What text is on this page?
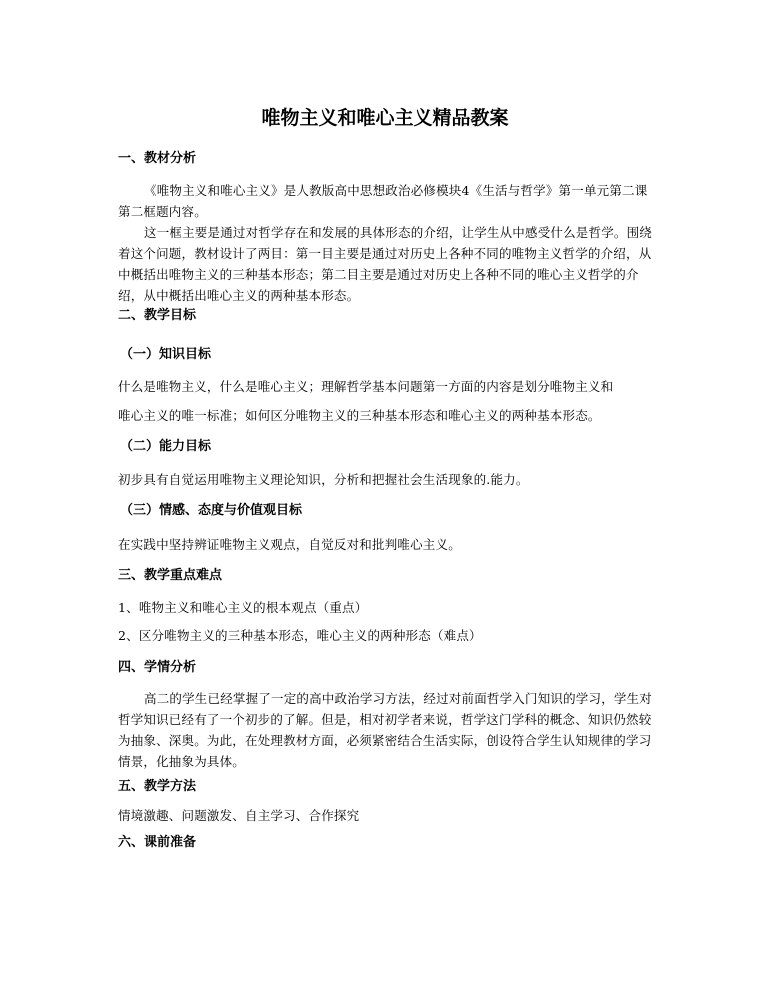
唯物主义和唯心主义精品教案
一、教材分析

《唯物主义和唯心主义》是人教版高中思想政治必修模块4《生活与哲学》第一单元第二课第二框题内容。

这一框主要是通过对哲学存在和发展的具体形态的介绍，让学生从中感受什么是哲学。围绕着这个问题，教材设计了两目：第一目主要是通过对历史上各种不同的唯物主义哲学的介绍，从中概括出唯物主义的三种基本形态；第二目主要是通过对历史上各种不同的唯心主义哲学的介绍，从中概括出唯心主义的两种基本形态。

二、教学目标
（一）知识目标
什么是唯物主义，什么是唯心主义；理解哲学基本问题第一方面的内容是划分唯物主义和
唯心主义的唯一标准；如何区分唯物主义的三种基本形态和唯心主义的两种基本形态。
（二）能力目标
初步具有自觉运用唯物主义理论知识，分析和把握社会生活现象的.能力。
（三）情感、态度与价值观目标
在实践中坚持辨证唯物主义观点，自觉反对和批判唯心主义。
三、教学重点难点
1、唯物主义和唯心主义的根本观点（重点）
2、区分唯物主义的三种基本形态，唯心主义的两种形态（难点）
四、学情分析

高二的学生已经掌握了一定的高中政治学习方法，经过对前面哲学入门知识的学习，学生对哲学知识已经有了一个初步的了解。但是，相对初学者来说，哲学这门学科的概念、知识仍然较为抽象、深奥。为此，在处理教材方面，必须紧密结合生活实际，创设符合学生认知规律的学习情景，化抽象为具体。

五、教学方法
情境激趣、问题激发、自主学习、合作探究
六、课前准备
